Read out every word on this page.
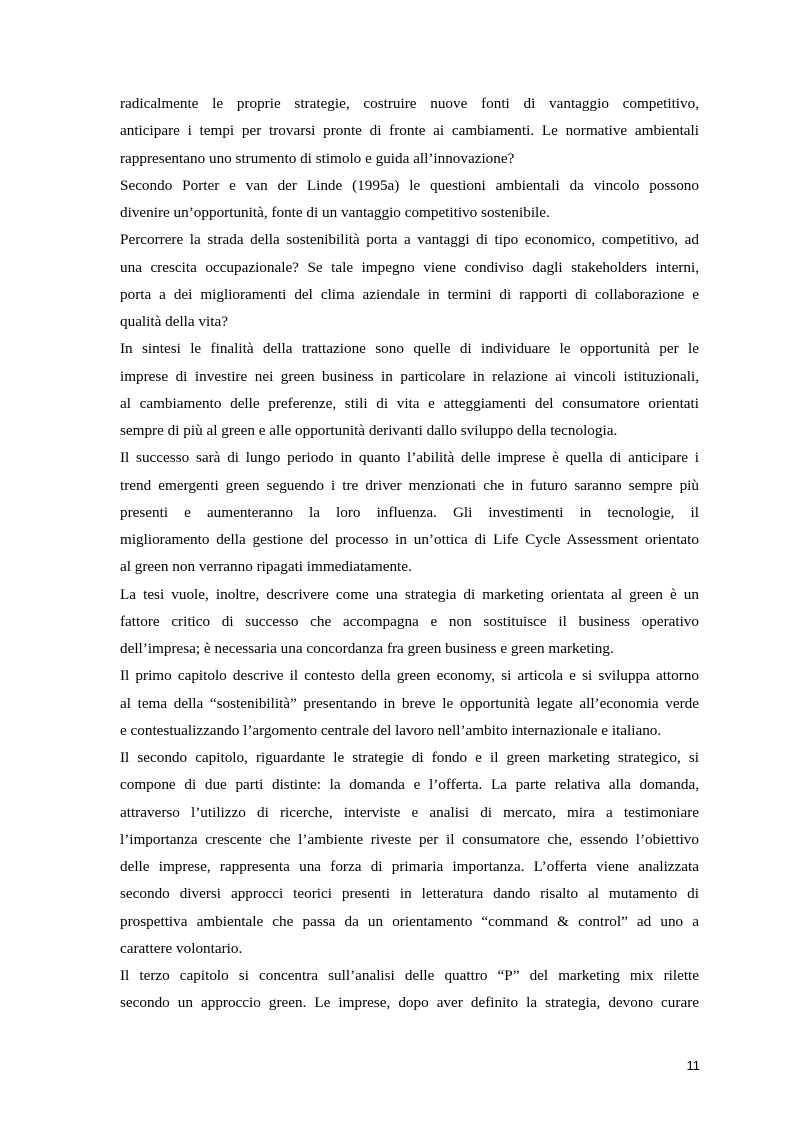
radicalmente le proprie strategie, costruire nuove fonti di vantaggio competitivo,
anticipare i tempi per trovarsi pronte di fronte ai cambiamenti. Le normative ambientali
rappresentano uno strumento di stimolo e guida all’innovazione?
Secondo Porter e van der Linde (1995a) le questioni ambientali da vincolo possono
divenire un’opportunità, fonte di un vantaggio competitivo sostenibile.
Percorrere la strada della sostenibilità porta a vantaggi di tipo economico, competitivo, ad
una crescita occupazionale? Se tale impegno viene condiviso dagli stakeholders interni,
porta a dei miglioramenti del clima aziendale in termini di rapporti di collaborazione e
qualità della vita?
In sintesi le finalità della trattazione sono quelle di individuare le opportunità per le
imprese di investire nei green business in particolare in relazione ai vincoli istituzionali,
al cambiamento delle preferenze, stili di vita e atteggiamenti del consumatore orientati
sempre di più al green e alle opportunità derivanti dallo sviluppo della tecnologia.
Il successo sarà di lungo periodo in quanto l’abilità delle imprese è quella di anticipare i
trend emergenti green seguendo i tre driver menzionati che in futuro saranno sempre più
presenti e aumenteranno la loro influenza. Gli investimenti in tecnologie, il
miglioramento della gestione del processo in un’ottica di Life Cycle Assessment orientato
al green non verranno ripagati immediatamente.
La tesi vuole, inoltre, descrivere come una strategia di marketing orientata al green è un
fattore critico di successo che accompagna e non sostituisce il business operativo
dell’impresa; è necessaria una concordanza fra green business e green marketing.
Il primo capitolo descrive il contesto della green economy, si articola e si sviluppa attorno
al tema della “sostenibilità” presentando in breve le opportunità legate all’economia verde
e contestualizzando l’argomento centrale del lavoro nell’ambito internazionale e italiano.
Il secondo capitolo, riguardante le strategie di fondo e il green marketing strategico, si
compone di due parti distinte: la domanda e l’offerta. La parte relativa alla domanda,
attraverso l’utilizzo di ricerche, interviste e analisi di mercato, mira a testimoniare
l’importanza crescente che l’ambiente riveste per il consumatore che, essendo l’obiettivo
delle imprese, rappresenta una forza di primaria importanza. L’offerta viene analizzata
secondo diversi approcci teorici presenti in letteratura dando risalto al mutamento di
prospettiva ambientale che passa da un orientamento “command & control” ad uno a
carattere volontario.
Il terzo capitolo si concentra sull’analisi delle quattro “P” del marketing mix rilette
secondo un approccio green. Le imprese, dopo aver definito la strategia, devono curare
11
